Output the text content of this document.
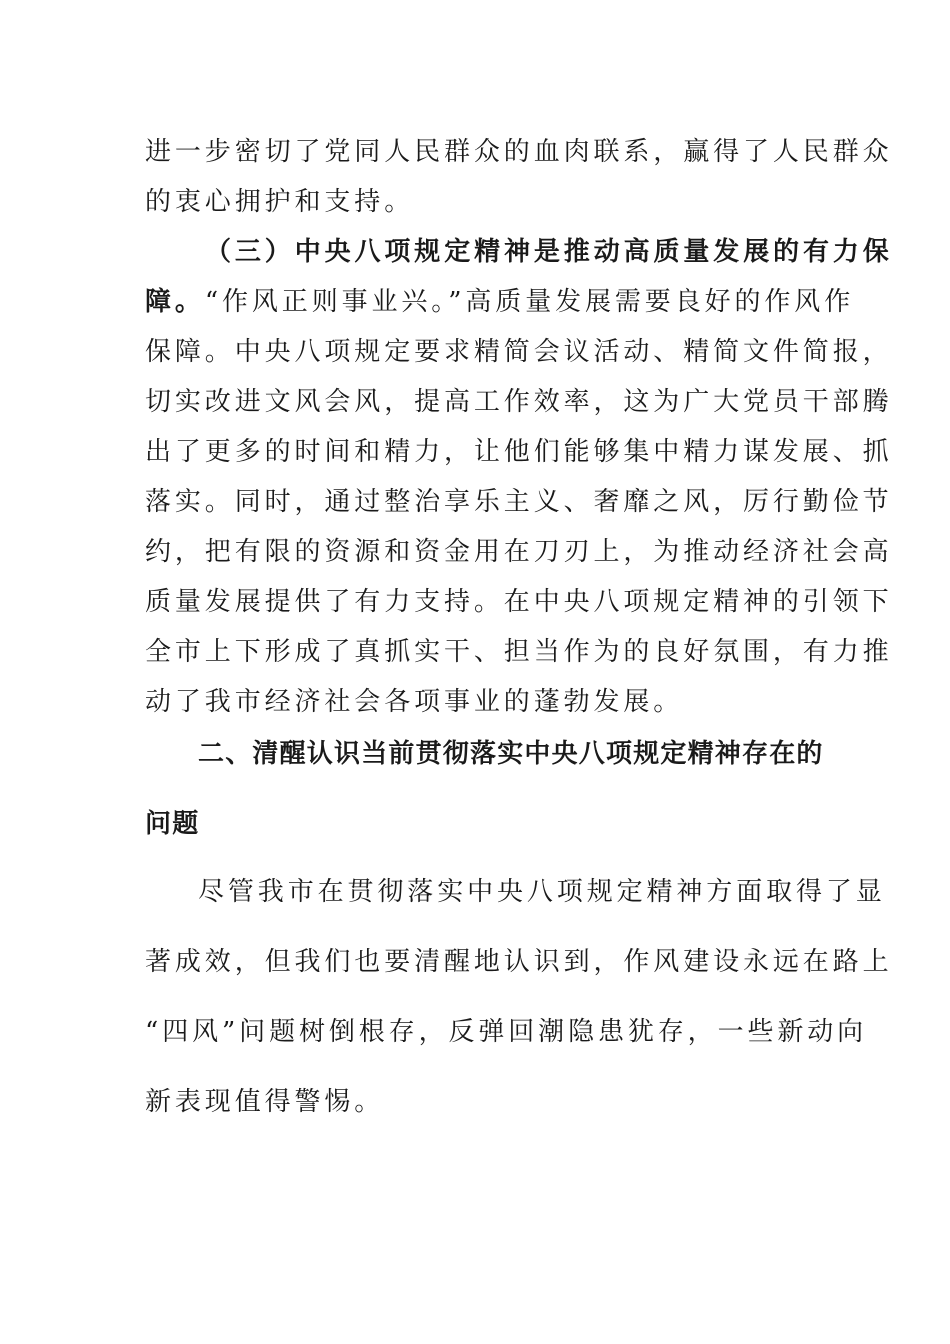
进一步密切了党同人民群众的血肉联系，赢得了人民群众
的衷心拥护和支持。
（三）中央八项规定精神是推动高质量发展的有力保
障。“作风正则事业兴。”高质量发展需要良好的作风作
保障。中央八项规定要求精简会议活动、精简文件简报，
切实改进文风会风，提高工作效率，这为广大党员干部腾
出了更多的时间和精力，让他们能够集中精力谋发展、抓
落实。同时，通过整治享乐主义、奢靡之风，厉行勤俭节
约，把有限的资源和资金用在刀刃上，为推动经济社会高
质量发展提供了有力支持。在中央八项规定精神的引领下
全市上下形成了真抓实干、担当作为的良好氛围，有力推
动了我市经济社会各项事业的蓬勃发展。
二、清醒认识当前贯彻落实中央八项规定精神存在的
问题
尽管我市在贯彻落实中央八项规定精神方面取得了显
著成效，但我们也要清醒地认识到，作风建设永远在路上
“四风”问题树倒根存，反弹回潮隐患犹存，一些新动向
新表现值得警惕。
